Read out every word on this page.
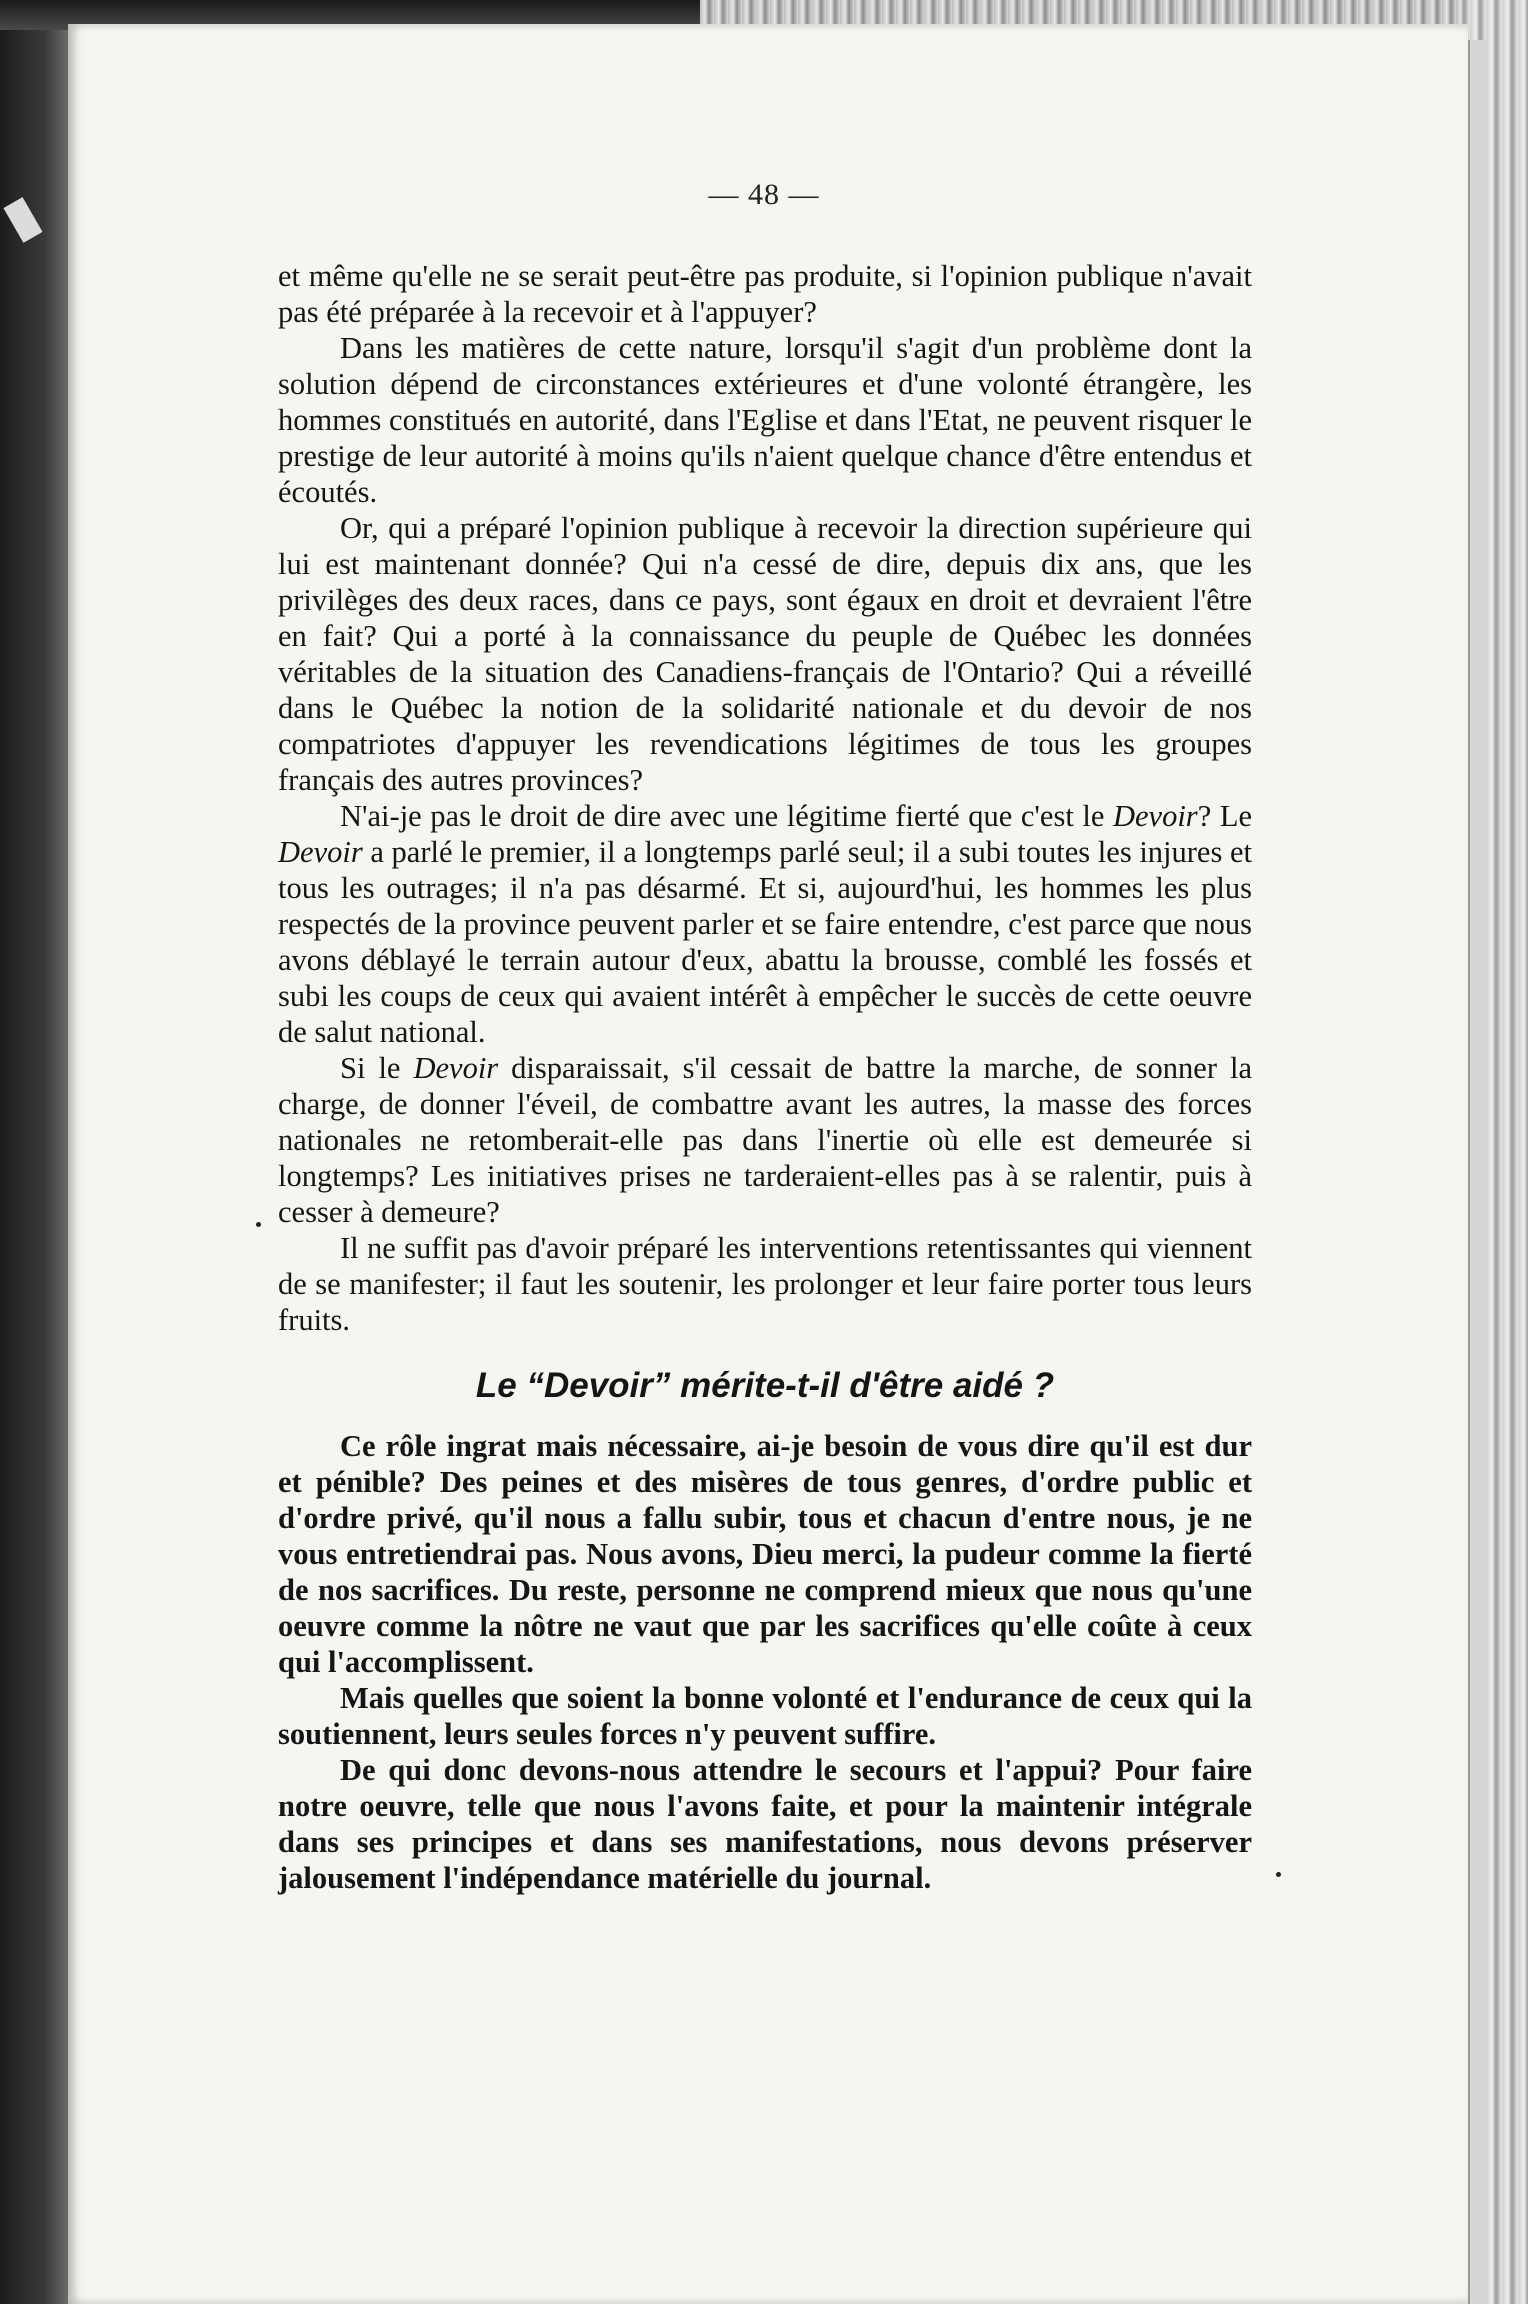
— 48 —

et même qu'elle ne se serait peut-être pas produite, si l'opinion publique n'avait pas été préparée à la recevoir et à l'appuyer?

Dans les matières de cette nature, lorsqu'il s'agit d'un problème dont la solution dépend de circonstances extérieures et d'une volonté étrangère, les hommes constitués en autorité, dans l'Eglise et dans l'Etat, ne peuvent risquer le prestige de leur autorité à moins qu'ils n'aient quelque chance d'être entendus et écoutés.

Or, qui a préparé l'opinion publique à recevoir la direction supérieure qui lui est maintenant donnée? Qui n'a cessé de dire, depuis dix ans, que les privilèges des deux races, dans ce pays, sont égaux en droit et devraient l'être en fait? Qui a porté à la connaissance du peuple de Québec les données véritables de la situation des Canadiens-français de l'Ontario? Qui a réveillé dans le Québec la notion de la solidarité nationale et du devoir de nos compatriotes d'appuyer les revendications légitimes de tous les groupes français des autres provinces?

N'ai-je pas le droit de dire avec une légitime fierté que c'est le Devoir? Le Devoir a parlé le premier, il a longtemps parlé seul; il a subi toutes les injures et tous les outrages; il n'a pas désarmé. Et si, aujourd'hui, les hommes les plus respectés de la province peuvent parler et se faire entendre, c'est parce que nous avons déblayé le terrain autour d'eux, abattu la brousse, comblé les fossés et subi les coups de ceux qui avaient intérêt à empêcher le succès de cette oeuvre de salut national.

Si le Devoir disparaissait, s'il cessait de battre la marche, de sonner la charge, de donner l'éveil, de combattre avant les autres, la masse des forces nationales ne retomberait-elle pas dans l'inertie où elle est demeurée si longtemps? Les initiatives prises ne tarderaient-elles pas à se ralentir, puis à cesser à demeure?

Il ne suffit pas d'avoir préparé les interventions retentissantes qui viennent de se manifester; il faut les soutenir, les prolonger et leur faire porter tous leurs fruits.

Le “Devoir” mérite-t-il d'être aidé ?

Ce rôle ingrat mais nécessaire, ai-je besoin de vous dire qu'il est dur et pénible? Des peines et des misères de tous genres, d'ordre public et d'ordre privé, qu'il nous a fallu subir, tous et chacun d'entre nous, je ne vous entretiendrai pas. Nous avons, Dieu merci, la pudeur comme la fierté de nos sacrifices. Du reste, personne ne comprend mieux que nous qu'une oeuvre comme la nôtre ne vaut que par les sacrifices qu'elle coûte à ceux qui l'accomplissent.

Mais quelles que soient la bonne volonté et l'endurance de ceux qui la soutiennent, leurs seules forces n'y peuvent suffire.

De qui donc devons-nous attendre le secours et l'appui? Pour faire notre oeuvre, telle que nous l'avons faite, et pour la maintenir intégrale dans ses principes et dans ses manifestations, nous devons préserver jalousement l'indépendance matérielle du journal.
